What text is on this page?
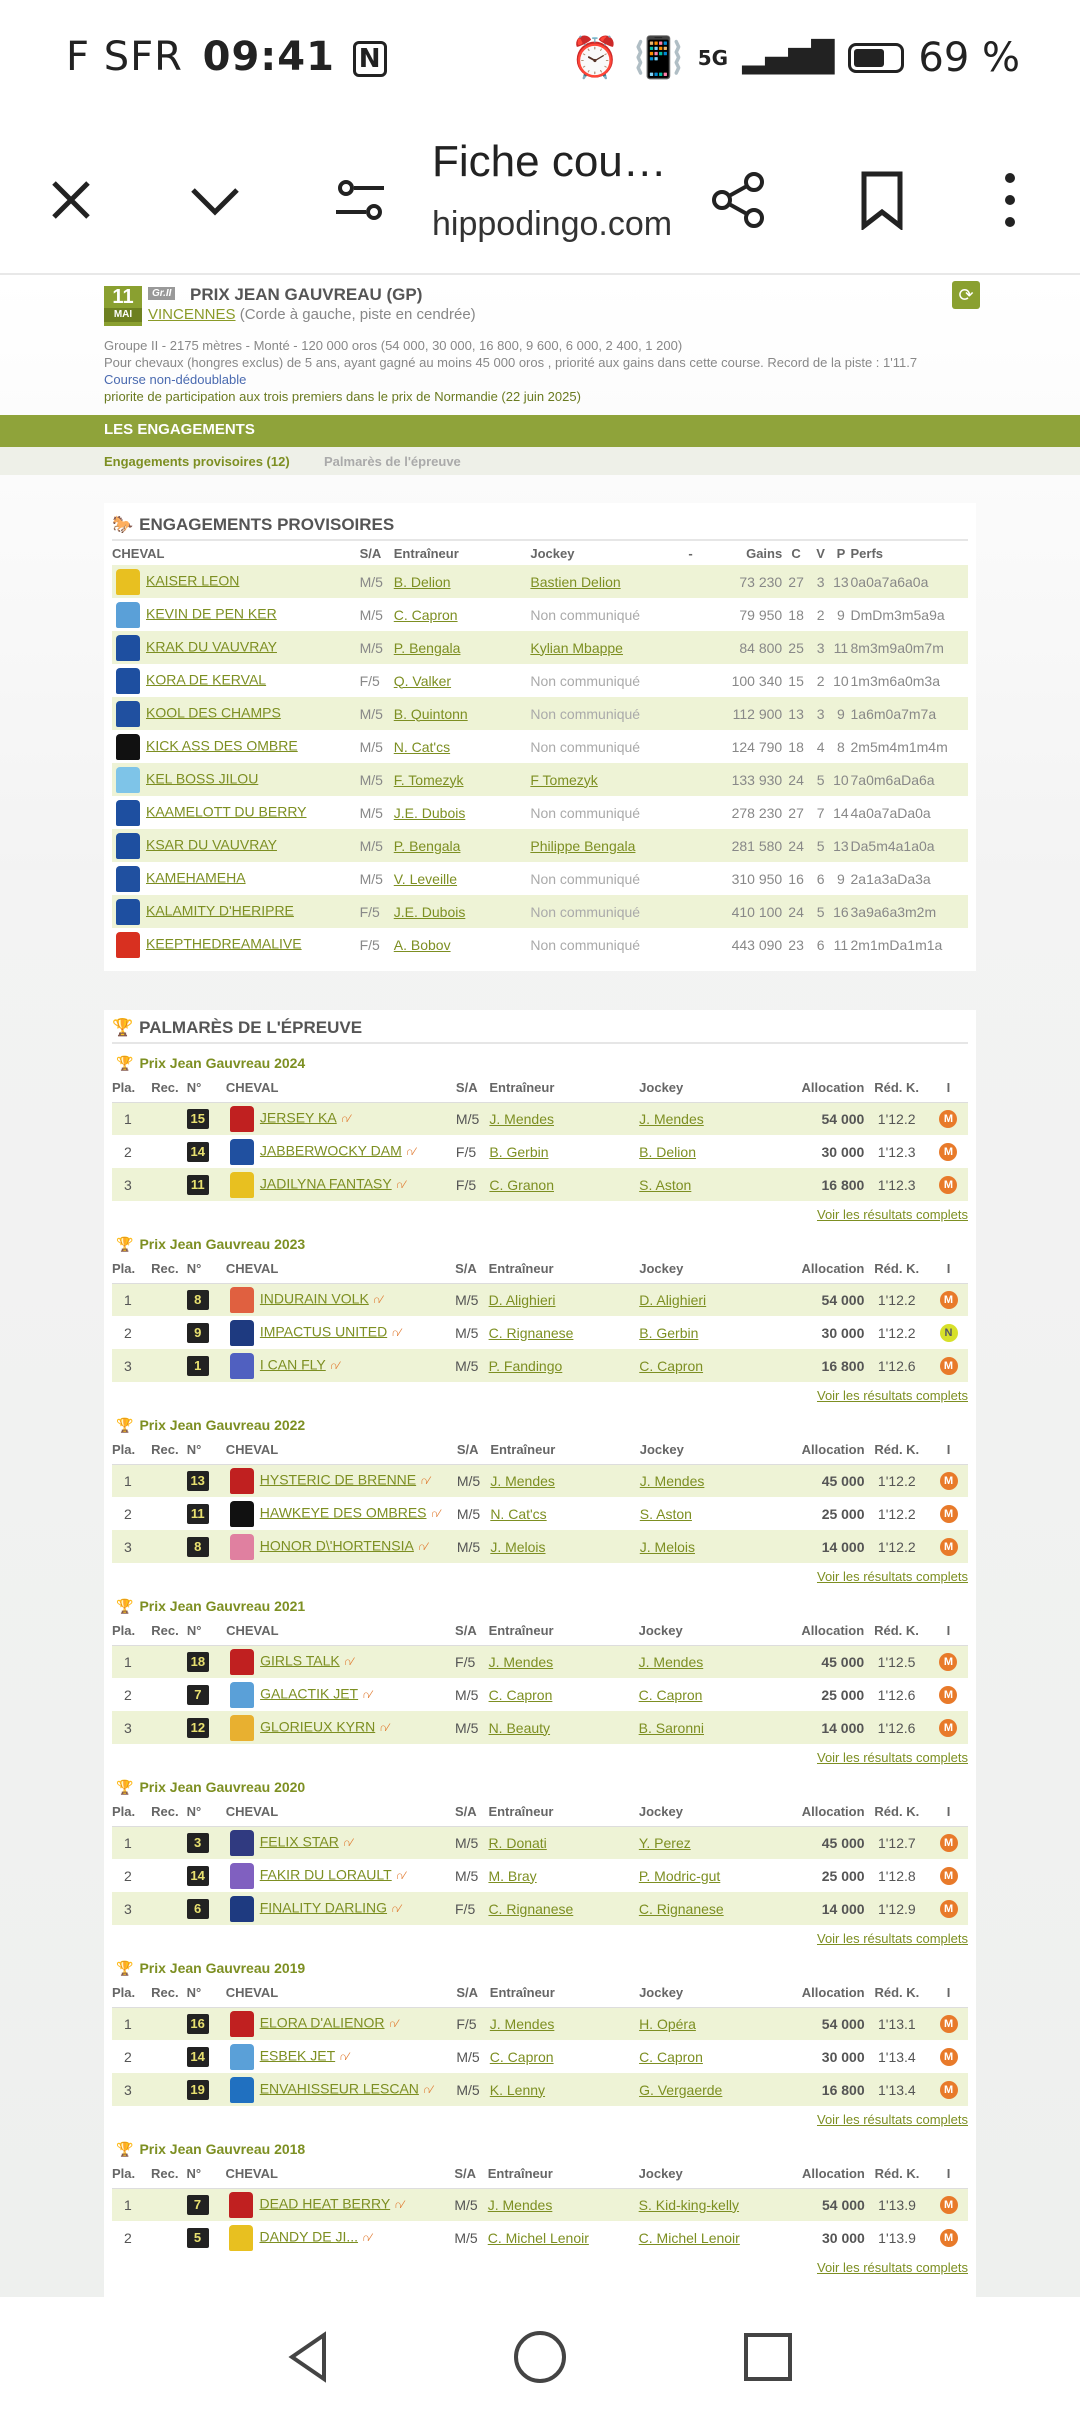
F SFR 09:41 N	⏰ 📳 5G ▂▄▆█ 69 %
Fiche cou…
hippodingo.com
11
MAI
Gr.II PRIX JEAN GAUVREAU (GP)
VINCENNES (Corde à gauche, piste en cendrée)
⟳
Groupe II - 2175 mètres - Monté - 120 000 oros (54 000, 30 000, 16 800, 9 600, 6 000, 2 400, 1 200)
Pour chevaux (hongres exclus) de 5 ans, ayant gagné au moins 45 000 oros , priorité aux gains dans cette course. Record de la piste : 1'11.7
Course non-dédoublable
priorite de participation aux trois premiers dans le prix de Normandie (22 juin 2025)
LES ENGAGEMENTS
Engagements provisoires (12)	Palmarès de l'épreuve
🐎 ENGAGEMENTS PROVISOIRES
CHEVAL	S/A	Entraîneur	Jockey	-	Gains	C	V	P	Perfs
KAISER LEON	M/5	B. Delion	Bastien Delion		73 230	27	3	13	0a0a7a6a0a
KEVIN DE PEN KER	M/5	C. Capron	Non communiqué		79 950	18	2	9	DmDm3m5a9a
KRAK DU VAUVRAY	M/5	P. Bengala	Kylian Mbappe		84 800	25	3	11	8m3m9a0m7m
KORA DE KERVAL	F/5	Q. Valker	Non communiqué		100 340	15	2	10	1m3m6a0m3a
KOOL DES CHAMPS	M/5	B. Quintonn	Non communiqué		112 900	13	3	9	1a6m0a7m7a
KICK ASS DES OMBRE	M/5	N. Cat'cs	Non communiqué		124 790	18	4	8	2m5m4m1m4m
KEL BOSS JILOU	M/5	F. Tomezyk	F Tomezyk		133 930	24	5	10	7a0m6aDa6a
KAAMELOTT DU BERRY	M/5	J.E. Dubois	Non communiqué		278 230	27	7	14	4a0a7aDa0a
KSAR DU VAUVRAY	M/5	P. Bengala	Philippe Bengala		281 580	24	5	13	Da5m4a1a0a
KAMEHAMEHA	M/5	V. Leveille	Non communiqué		310 950	16	6	9	2a1a3aDa3a
KALAMITY D'HERIPRE	F/5	J.E. Dubois	Non communiqué		410 100	24	5	16	3a9a6a3m2m
KEEPTHEDREAMALIVE	F/5	A. Bobov	Non communiqué		443 090	23	6	11	2m1mDa1m1a
🏆 PALMARÈS DE L'ÉPREUVE
🏆 Prix Jean Gauvreau 2024
Pla.	Rec.	N°	CHEVAL	S/A	Entraîneur	Jockey	Allocation	Réd. K.	I
1		15	JERSEY KA ∩⁄	M/5	J. Mendes	J. Mendes	54 000	1'12.2	M
2		14	JABBERWOCKY DAM ∩⁄	F/5	B. Gerbin	B. Delion	30 000	1'12.3	M
3		11	JADILYNA FANTASY ∩⁄	F/5	C. Granon	S. Aston	16 800	1'12.3	M
Voir les résultats complets
🏆 Prix Jean Gauvreau 2023
Pla.	Rec.	N°	CHEVAL	S/A	Entraîneur	Jockey	Allocation	Réd. K.	I
1		8	INDURAIN VOLK ∩⁄	M/5	D. Alighieri	D. Alighieri	54 000	1'12.2	M
2		9	IMPACTUS UNITED ∩⁄	M/5	C. Rignanese	B. Gerbin	30 000	1'12.2	N
3		1	I CAN FLY ∩⁄	M/5	P. Fandingo	C. Capron	16 800	1'12.6	M
Voir les résultats complets
🏆 Prix Jean Gauvreau 2022
Pla.	Rec.	N°	CHEVAL	S/A	Entraîneur	Jockey	Allocation	Réd. K.	I
1		13	HYSTERIC DE BRENNE ∩⁄	M/5	J. Mendes	J. Mendes	45 000	1'12.2	M
2		11	HAWKEYE DES OMBRES ∩⁄	M/5	N. Cat'cs	S. Aston	25 000	1'12.2	M
3		8	HONOR D\'HORTENSIA ∩⁄	M/5	J. Melois	J. Melois	14 000	1'12.2	M
Voir les résultats complets
🏆 Prix Jean Gauvreau 2021
Pla.	Rec.	N°	CHEVAL	S/A	Entraîneur	Jockey	Allocation	Réd. K.	I
1		18	GIRLS TALK ∩⁄	F/5	J. Mendes	J. Mendes	45 000	1'12.5	M
2		7	GALACTIK JET ∩⁄	M/5	C. Capron	C. Capron	25 000	1'12.6	M
3		12	GLORIEUX KYRN ∩⁄	M/5	N. Beauty	B. Saronni	14 000	1'12.6	M
Voir les résultats complets
🏆 Prix Jean Gauvreau 2020
Pla.	Rec.	N°	CHEVAL	S/A	Entraîneur	Jockey	Allocation	Réd. K.	I
1		3	FELIX STAR ∩⁄	M/5	R. Donati	Y. Perez	45 000	1'12.7	M
2		14	FAKIR DU LORAULT ∩⁄	M/5	M. Bray	P. Modric-gut	25 000	1'12.8	M
3		6	FINALITY DARLING ∩⁄	F/5	C. Rignanese	C. Rignanese	14 000	1'12.9	M
Voir les résultats complets
🏆 Prix Jean Gauvreau 2019
Pla.	Rec.	N°	CHEVAL	S/A	Entraîneur	Jockey	Allocation	Réd. K.	I
1		16	ELORA D'ALIENOR ∩⁄	F/5	J. Mendes	H. Opéra	54 000	1'13.1	M
2		14	ESBEK JET ∩⁄	M/5	C. Capron	C. Capron	30 000	1'13.4	M
3		19	ENVAHISSEUR LESCAN ∩⁄	M/5	K. Lenny	G. Vergaerde	16 800	1'13.4	M
Voir les résultats complets
🏆 Prix Jean Gauvreau 2018
Pla.	Rec.	N°	CHEVAL	S/A	Entraîneur	Jockey	Allocation	Réd. K.	I
1		7	DEAD HEAT BERRY ∩⁄	M/5	J. Mendes	S. Kid-king-kelly	54 000	1'13.9	M
2		5	DANDY DE JI... ∩⁄	M/5	C. Michel Lenoir	C. Michel Lenoir	30 000	1'13.9	M
Voir les résultats complets
